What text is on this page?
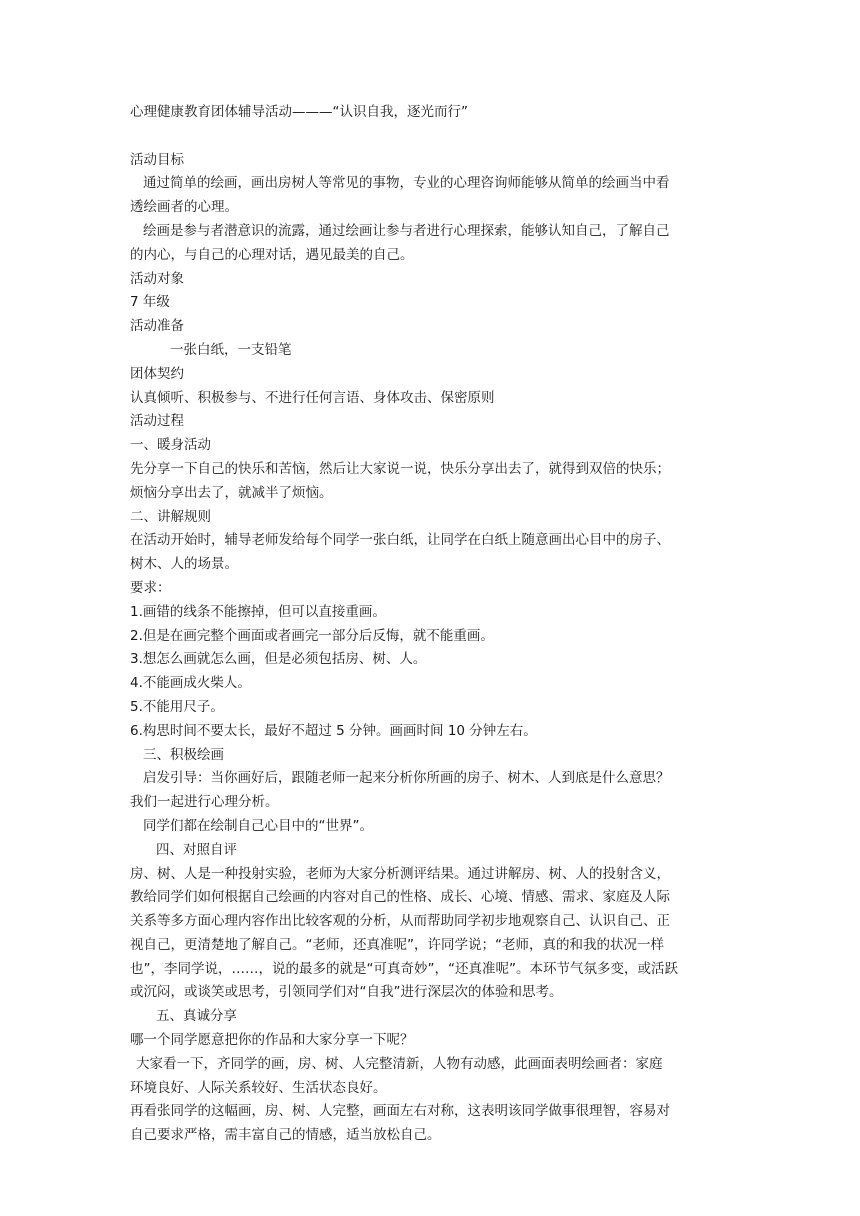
心理健康教育团体辅导活动———“认识自我，逐光而行”

活动目标

通过简单的绘画，画出房树人等常见的事物，专业的心理咨询师能够从简单的绘画当中看

透绘画者的心理。

绘画是参与者潜意识的流露，通过绘画让参与者进行心理探索，能够认知自己，了解自己

的内心，与自己的心理对话，遇见最美的自己。

活动对象

7 年级

活动准备

一张白纸，一支铅笔

团体契约

认真倾听、积极参与、不进行任何言语、身体攻击、保密原则

活动过程

一、暖身活动

先分享一下自己的快乐和苦恼，然后让大家说一说，快乐分享出去了，就得到双倍的快乐；

烦恼分享出去了，就减半了烦恼。

二、讲解规则

在活动开始时，辅导老师发给每个同学一张白纸，让同学在白纸上随意画出心目中的房子、

树木、人的场景。

要求：

1.画错的线条不能擦掉，但可以直接重画。

2.但是在画完整个画面或者画完一部分后反悔，就不能重画。

3.想怎么画就怎么画，但是必须包括房、树、人。

4.不能画成火柴人。

5.不能用尺子。

6.构思时间不要太长，最好不超过 5 分钟。画画时间 10 分钟左右。

三、积极绘画

启发引导：当你画好后，跟随老师一起来分析你所画的房子、树木、人到底是什么意思？

我们一起进行心理分析。

同学们都在绘制自己心目中的“世界”。

四、对照自评

房、树、人是一种投射实验，老师为大家分析测评结果。通过讲解房、树、人的投射含义，

教给同学们如何根据自己绘画的内容对自己的性格、成长、心境、情感、需求、家庭及人际

关系等多方面心理内容作出比较客观的分析，从而帮助同学初步地观察自己、认识自己、正

视自己，更清楚地了解自己。“老师，还真准呢”，许同学说；“老师，真的和我的状况一样

也”，李同学说，……，说的最多的就是“可真奇妙”，“还真准呢”。本环节气氛多变，或活跃

或沉闷，或谈笑或思考，引领同学们对“自我”进行深层次的体验和思考。

五、真诚分享

哪一个同学愿意把你的作品和大家分享一下呢？

大家看一下，齐同学的画，房、树、人完整清新，人物有动感，此画面表明绘画者：家庭

环境良好、人际关系较好、生活状态良好。

再看张同学的这幅画，房、树、人完整，画面左右对称，这表明该同学做事很理智，容易对

自己要求严格，需丰富自己的情感，适当放松自己。
